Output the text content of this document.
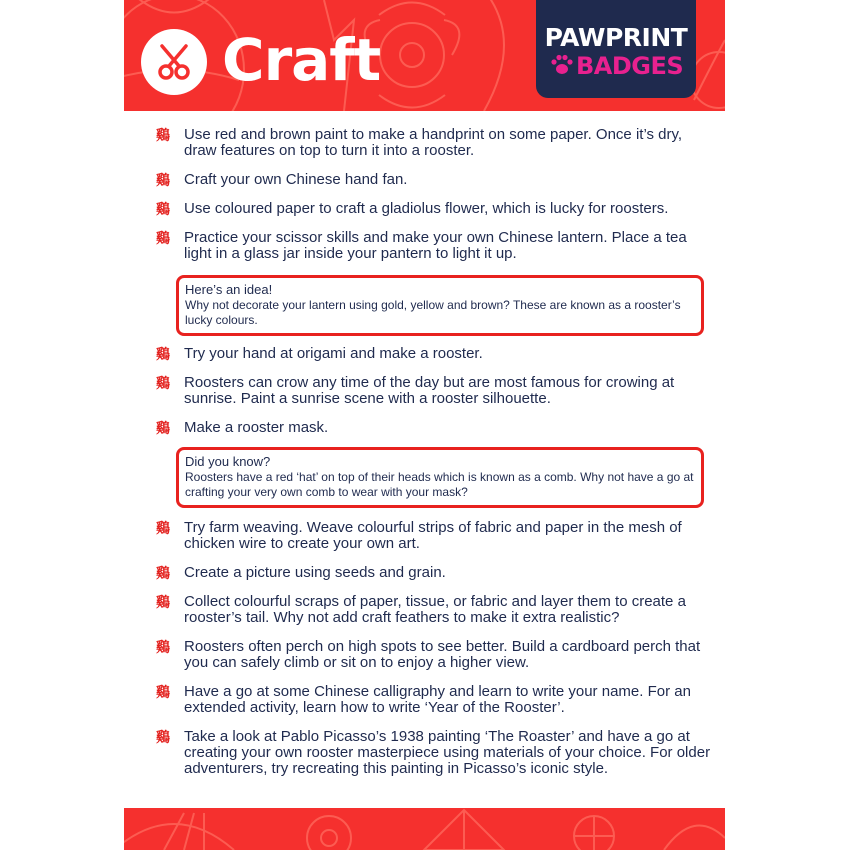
Craft	PAWPRINT
BADGES
鷄 Use red and brown paint to make a handprint on some paper. Once it’s dry, draw features on top to turn it into a rooster.
鷄 Craft your own Chinese hand fan.
鷄 Use coloured paper to craft a gladiolus flower, which is lucky for roosters.
鷄 Practice your scissor skills and make your own Chinese lantern. Place a tea light in a glass jar inside your pantern to light it up.
Here’s an idea!
Why not decorate your lantern using gold, yellow and brown? These are known as a rooster’s lucky colours.
鷄 Try your hand at origami and make a rooster.
鷄 Roosters can crow any time of the day but are most famous for crowing at sunrise. Paint a sunrise scene with a rooster silhouette.
鷄 Make a rooster mask.
Did you know?
Roosters have a red ‘hat’ on top of their heads which is known as a comb. Why not have a go at crafting your very own comb to wear with your mask?
鷄 Try farm weaving. Weave colourful strips of fabric and paper in the mesh of chicken wire to create your own art.
鷄 Create a picture using seeds and grain.
鷄 Collect colourful scraps of paper, tissue, or fabric and layer them to create a rooster’s tail. Why not add craft feathers to make it extra realistic?
鷄 Roosters often perch on high spots to see better. Build a cardboard perch that you can safely climb or sit on to enjoy a higher view.
鷄 Have a go at some Chinese calligraphy and learn to write your name. For an extended activity, learn how to write ‘Year of the Rooster’.
鷄 Take a look at Pablo Picasso’s 1938 painting ‘The Roaster’ and have a go at creating your own rooster masterpiece using materials of your choice. For older adventurers, try recreating this painting in Picasso’s iconic style.
